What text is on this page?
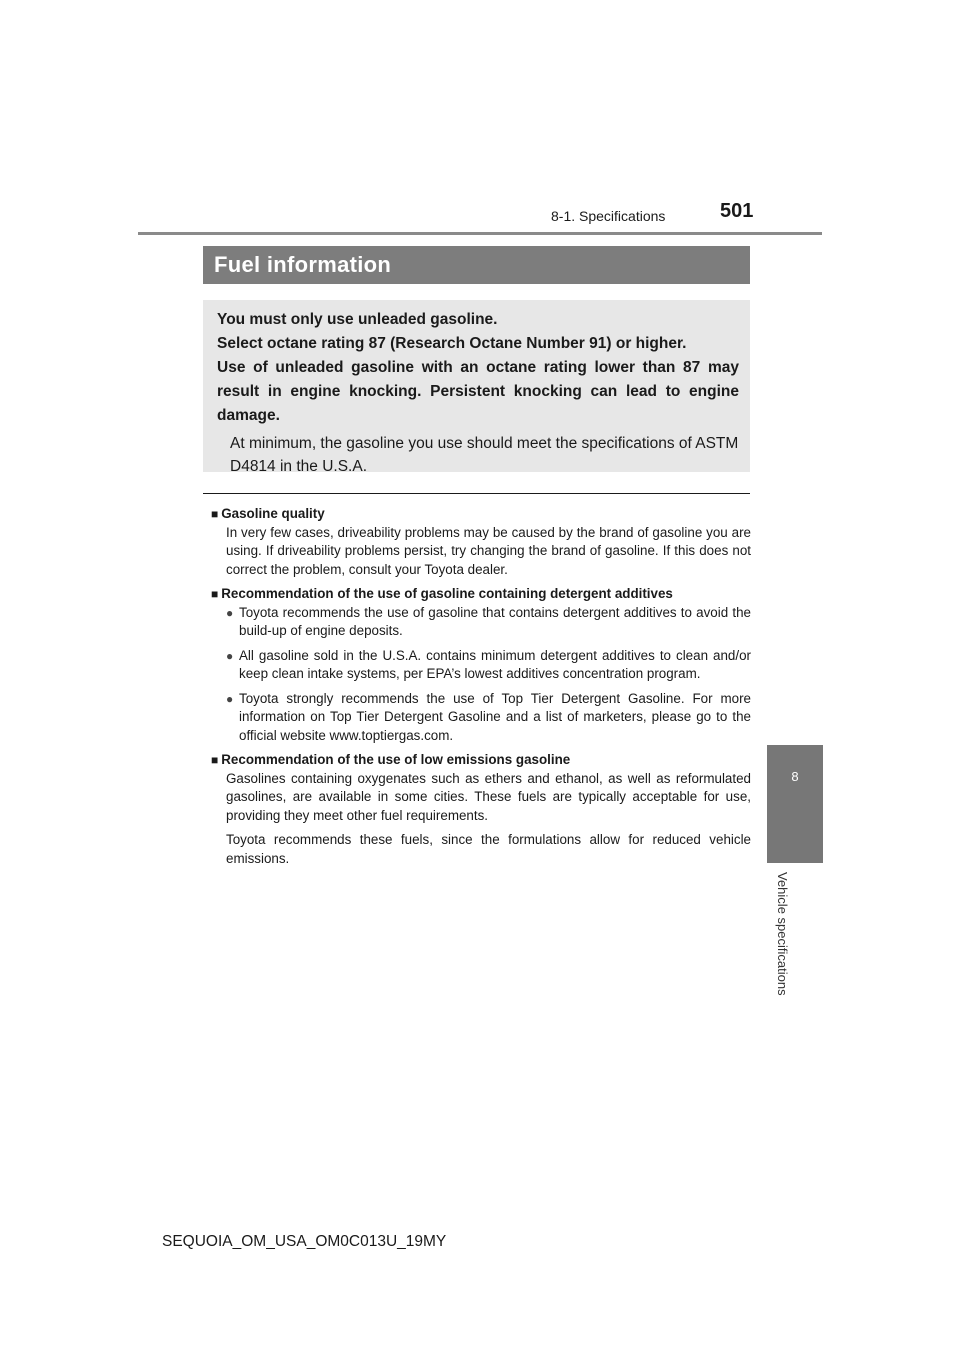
8-1. Specifications	501
8
Vehicle specifications
Fuel information
You must only use unleaded gasoline.
Select octane rating 87 (Research Octane Number 91) or higher.
Use of unleaded gasoline with an octane rating lower than 87 may result in engine knocking. Persistent knocking can lead to engine damage.
At minimum, the gasoline you use should meet the specifications of ASTM D4814 in the U.S.A.
■ Gasoline quality
In very few cases, driveability problems may be caused by the brand of gasoline you are using. If driveability problems persist, try changing the brand of gasoline. If this does not correct the problem, consult your Toyota dealer.
■ Recommendation of the use of gasoline containing detergent additives
● Toyota recommends the use of gasoline that contains detergent additives to avoid the build-up of engine deposits.
● All gasoline sold in the U.S.A. contains minimum detergent additives to clean and/or keep clean intake systems, per EPA’s lowest additives concentration program.
● Toyota strongly recommends the use of Top Tier Detergent Gasoline. For more information on Top Tier Detergent Gasoline and a list of marketers, please go to the official website www.toptiergas.com.
■ Recommendation of the use of low emissions gasoline
Gasolines containing oxygenates such as ethers and ethanol, as well as reformulated gasolines, are available in some cities. These fuels are typically acceptable for use, providing they meet other fuel requirements.
Toyota recommends these fuels, since the formulations allow for reduced vehicle emissions.
SEQUOIA_OM_USA_OM0C013U_19MY
